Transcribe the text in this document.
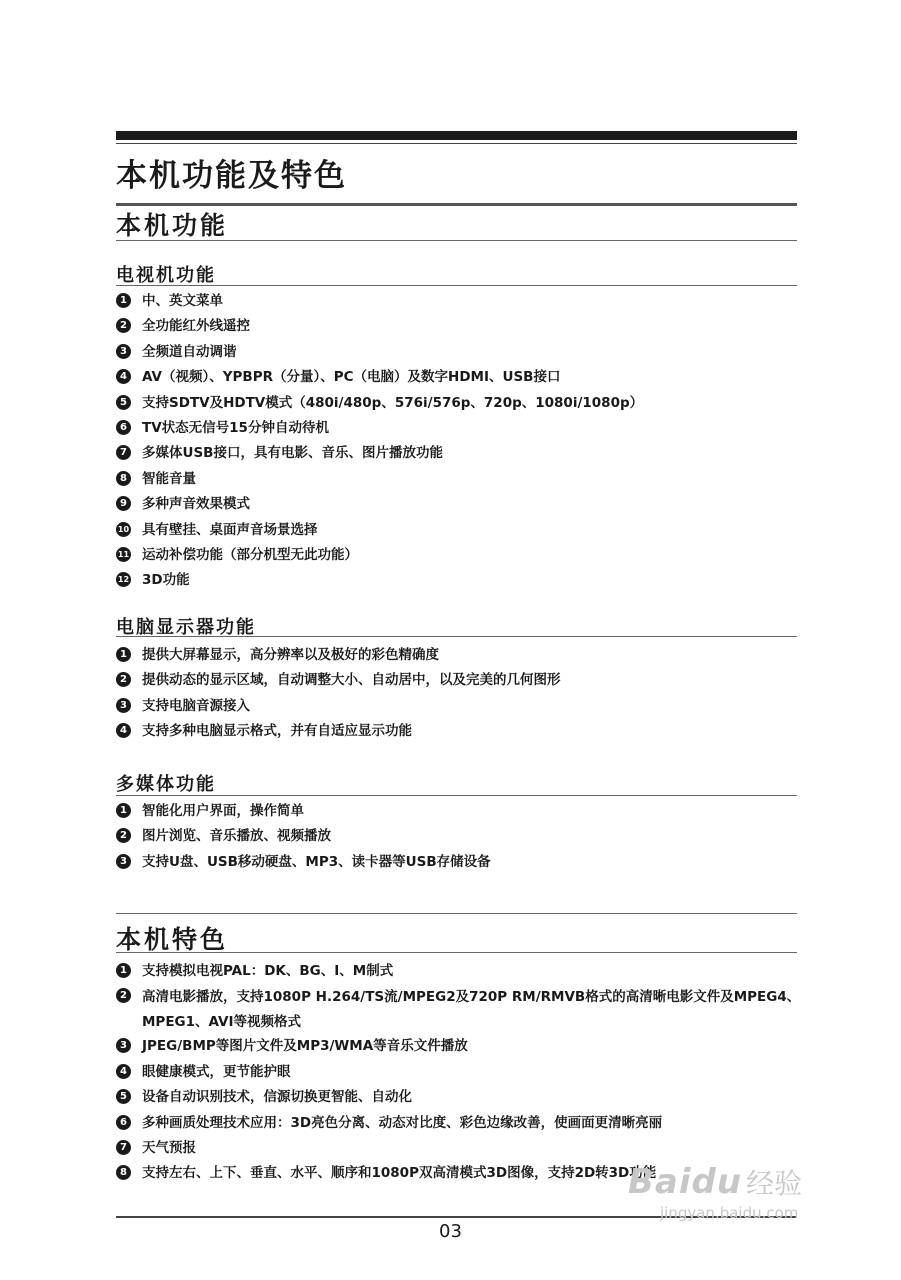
本机功能及特色
本机功能
电视机功能
1 中、英文菜单
2 全功能红外线遥控
3 全频道自动调谐
4 AV（视频）、YPBPR（分量）、PC（电脑）及数字HDMI、USB接口
5 支持SDTV及HDTV模式（480i/480p、576i/576p、720p、1080i/1080p）
6 TV状态无信号15分钟自动待机
7 多媒体USB接口，具有电影、音乐、图片播放功能
8 智能音量
9 多种声音效果模式
10 具有壁挂、桌面声音场景选择
11 运动补偿功能（部分机型无此功能）
12 3D功能
电脑显示器功能
1 提供大屏幕显示，高分辨率以及极好的彩色精确度
2 提供动态的显示区域，自动调整大小、自动居中，以及完美的几何图形
3 支持电脑音源接入
4 支持多种电脑显示格式，并有自适应显示功能
多媒体功能
1 智能化用户界面，操作简单
2 图片浏览、音乐播放、视频播放
3 支持U盘、USB移动硬盘、MP3、读卡器等USB存储设备
本机特色
1 支持模拟电视PAL：DK、BG、I、M制式
2 高清电影播放，支持1080P H.264/TS流/MPEG2及720P RM/RMVB格式的高清晰电影文件及MPEG4、MPEG1、AVI等视频格式
3 JPEG/BMP等图片文件及MP3/WMA等音乐文件播放
4 眼健康模式，更节能护眼
5 设备自动识别技术，信源切换更智能、自动化
6 多种画质处理技术应用：3D亮色分离、动态对比度、彩色边缘改善，使画面更清晰亮丽
7 天气预报
8 支持左右、上下、垂直、水平、顺序和1080P双高清模式3D图像，支持2D转3D功能

03

Baidu 经验
jingyan.baidu.com
